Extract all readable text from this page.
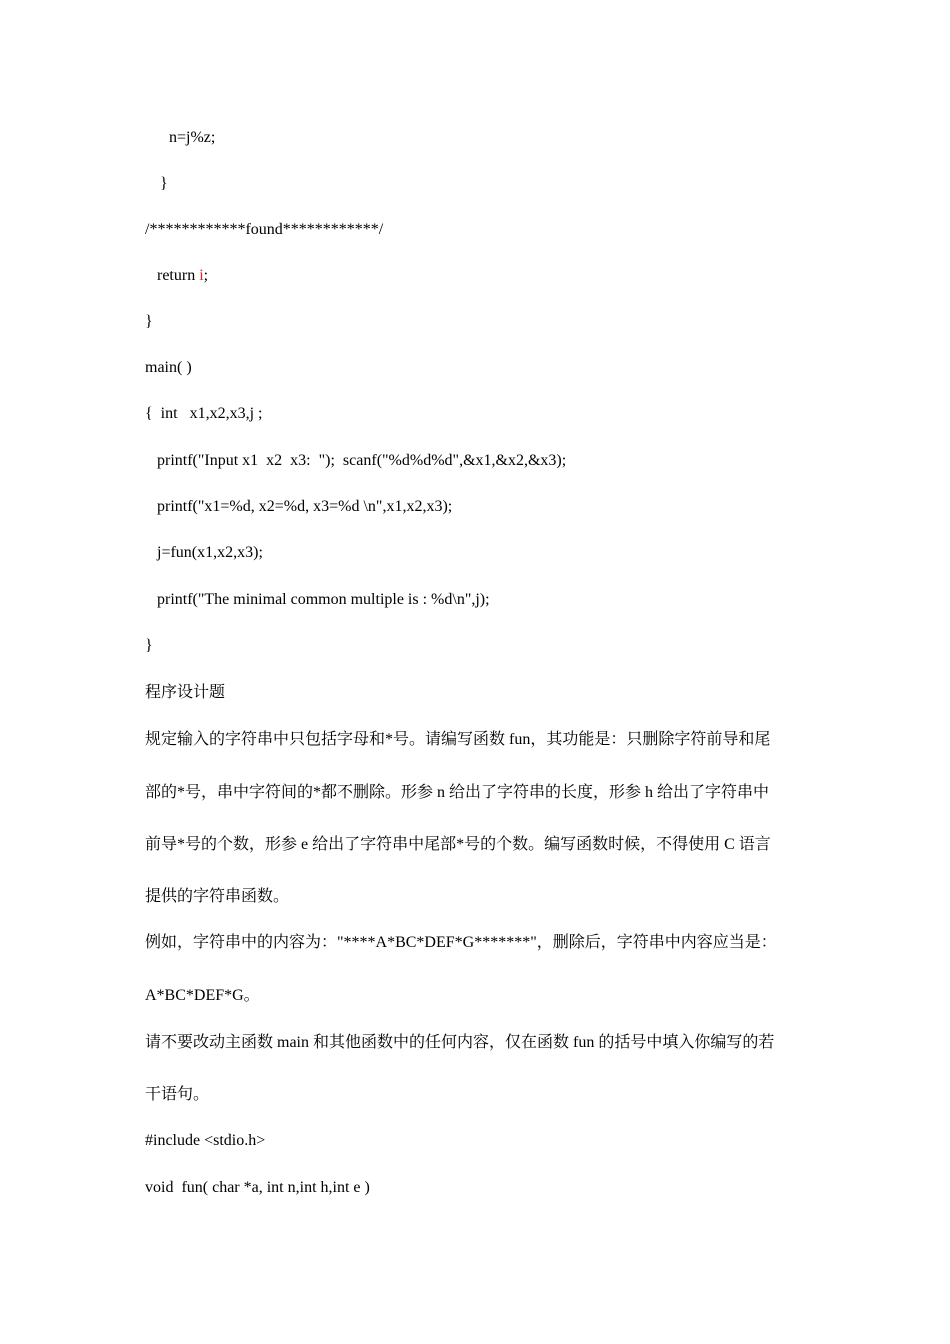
n=j%z;
}
/************found************/
return i;
}
main( )
{  int   x1,x2,x3,j ;
printf("Input x1  x2  x3:  ");  scanf("%d%d%d",&x1,&x2,&x3);
printf("x1=%d, x2=%d, x3=%d \n",x1,x2,x3);
j=fun(x1,x2,x3);
printf("The minimal common multiple is : %d\n",j);
}
程序设计题
规定输入的字符串中只包括字母和*号。请编写函数 fun，其功能是：只删除字符前导和尾
部的*号，串中字符间的*都不删除。形参 n 给出了字符串的长度，形参 h 给出了字符串中
前导*号的个数，形参 e 给出了字符串中尾部*号的个数。编写函数时候，不得使用 C 语言
提供的字符串函数。
例如，字符串中的内容为："****A*BC*DEF*G*******"，删除后，字符串中内容应当是：
A*BC*DEF*G。
请不要改动主函数 main 和其他函数中的任何内容，仅在函数 fun 的括号中填入你编写的若
干语句。
#include <stdio.h>
void  fun( char *a, int n,int h,int e )
